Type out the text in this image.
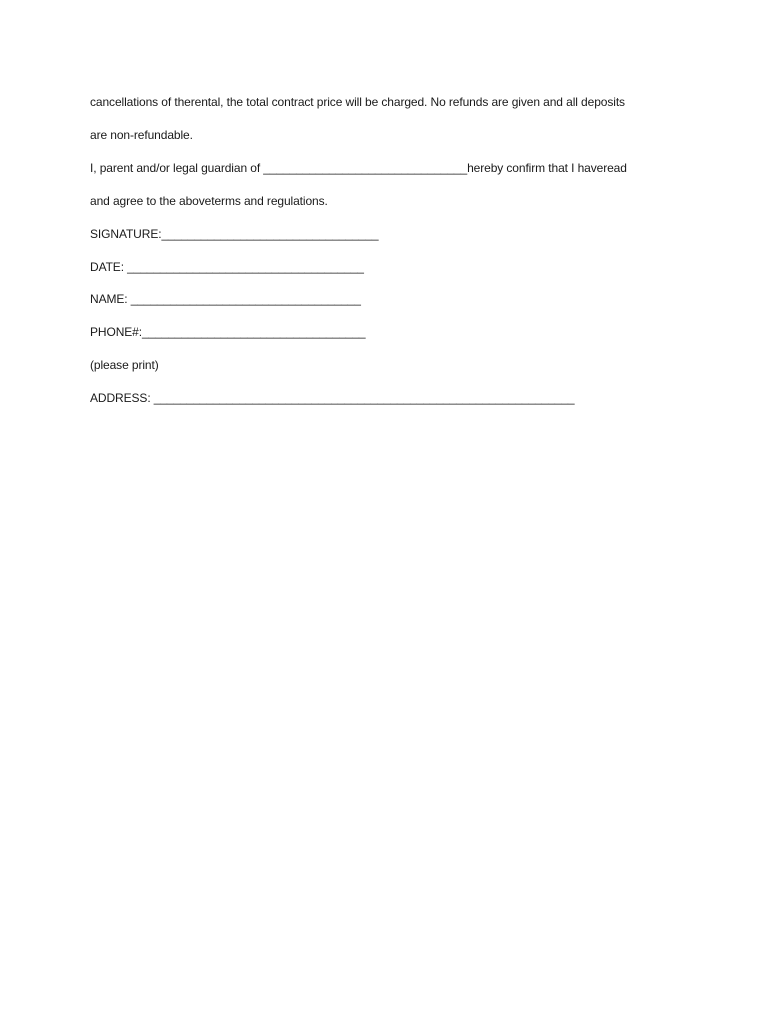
cancellations of therental, the total contract price will be charged. No refunds are given and all deposits
are non-refundable.
I, parent and/or legal guardian of _______________________________hereby confirm that I haveread
and agree to the aboveterms and regulations.
SIGNATURE:_________________________________
DATE: ____________________________________
NAME: ___________________________________
PHONE#:__________________________________
(please print)
ADDRESS: ________________________________________________________________
